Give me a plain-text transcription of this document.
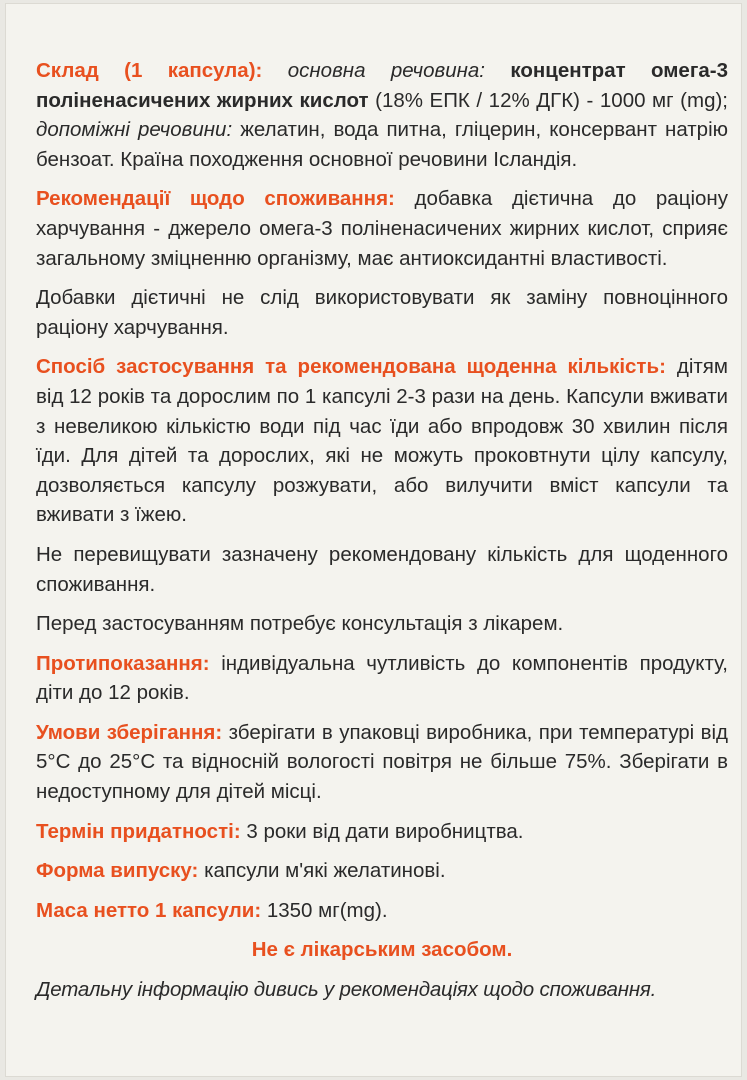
Склад (1 капсула): основна речовина: концентрат омега-3 поліненасичених жирних кислот (18% ЕПК / 12% ДГК) - 1000 мг (mg); допоміжні речовини: желатин, вода питна, гліцерин, консервант натрію бензоат. Країна походження основної речовини Ісландія.

Рекомендації щодо споживання: добавка дієтична до раціону харчування - джерело омега-3 поліненасичених жирних кислот, сприяє загальному зміцненню організму, має антиоксидантні властивості.

Добавки дієтичні не слід використовувати як заміну повноцінного раціону харчування.

Спосіб застосування та рекомендована щоденна кількість: дітям від 12 років та дорослим по 1 капсулі 2-3 рази на день. Капсули вживати з невеликою кількістю води під час їди або впродовж 30 хвилин після їди. Для дітей та дорослих, які не можуть проковтнути цілу капсулу, дозволяється капсулу розжувати, або вилучити вміст капсули та вживати з їжею.

Не перевищувати зазначену рекомендовану кількість для щоденного споживання.

Перед застосуванням потребує консультація з лікарем.

Протипоказання: індивідуальна чутливість до компонентів продукту, діти до 12 років.

Умови зберігання: зберігати в упаковці виробника, при температурі від 5°С до 25°С та відносній вологості повітря не більше 75%. Зберігати в недоступному для дітей місці.

Термін придатності: 3 роки від дати виробництва.

Форма випуску: капсули м'які желатинові.

Маса нетто 1 капсули: 1350 мг(mg).

Не є лікарським засобом.

Детальну інформацію дивись у рекомендаціях щодо споживання.
